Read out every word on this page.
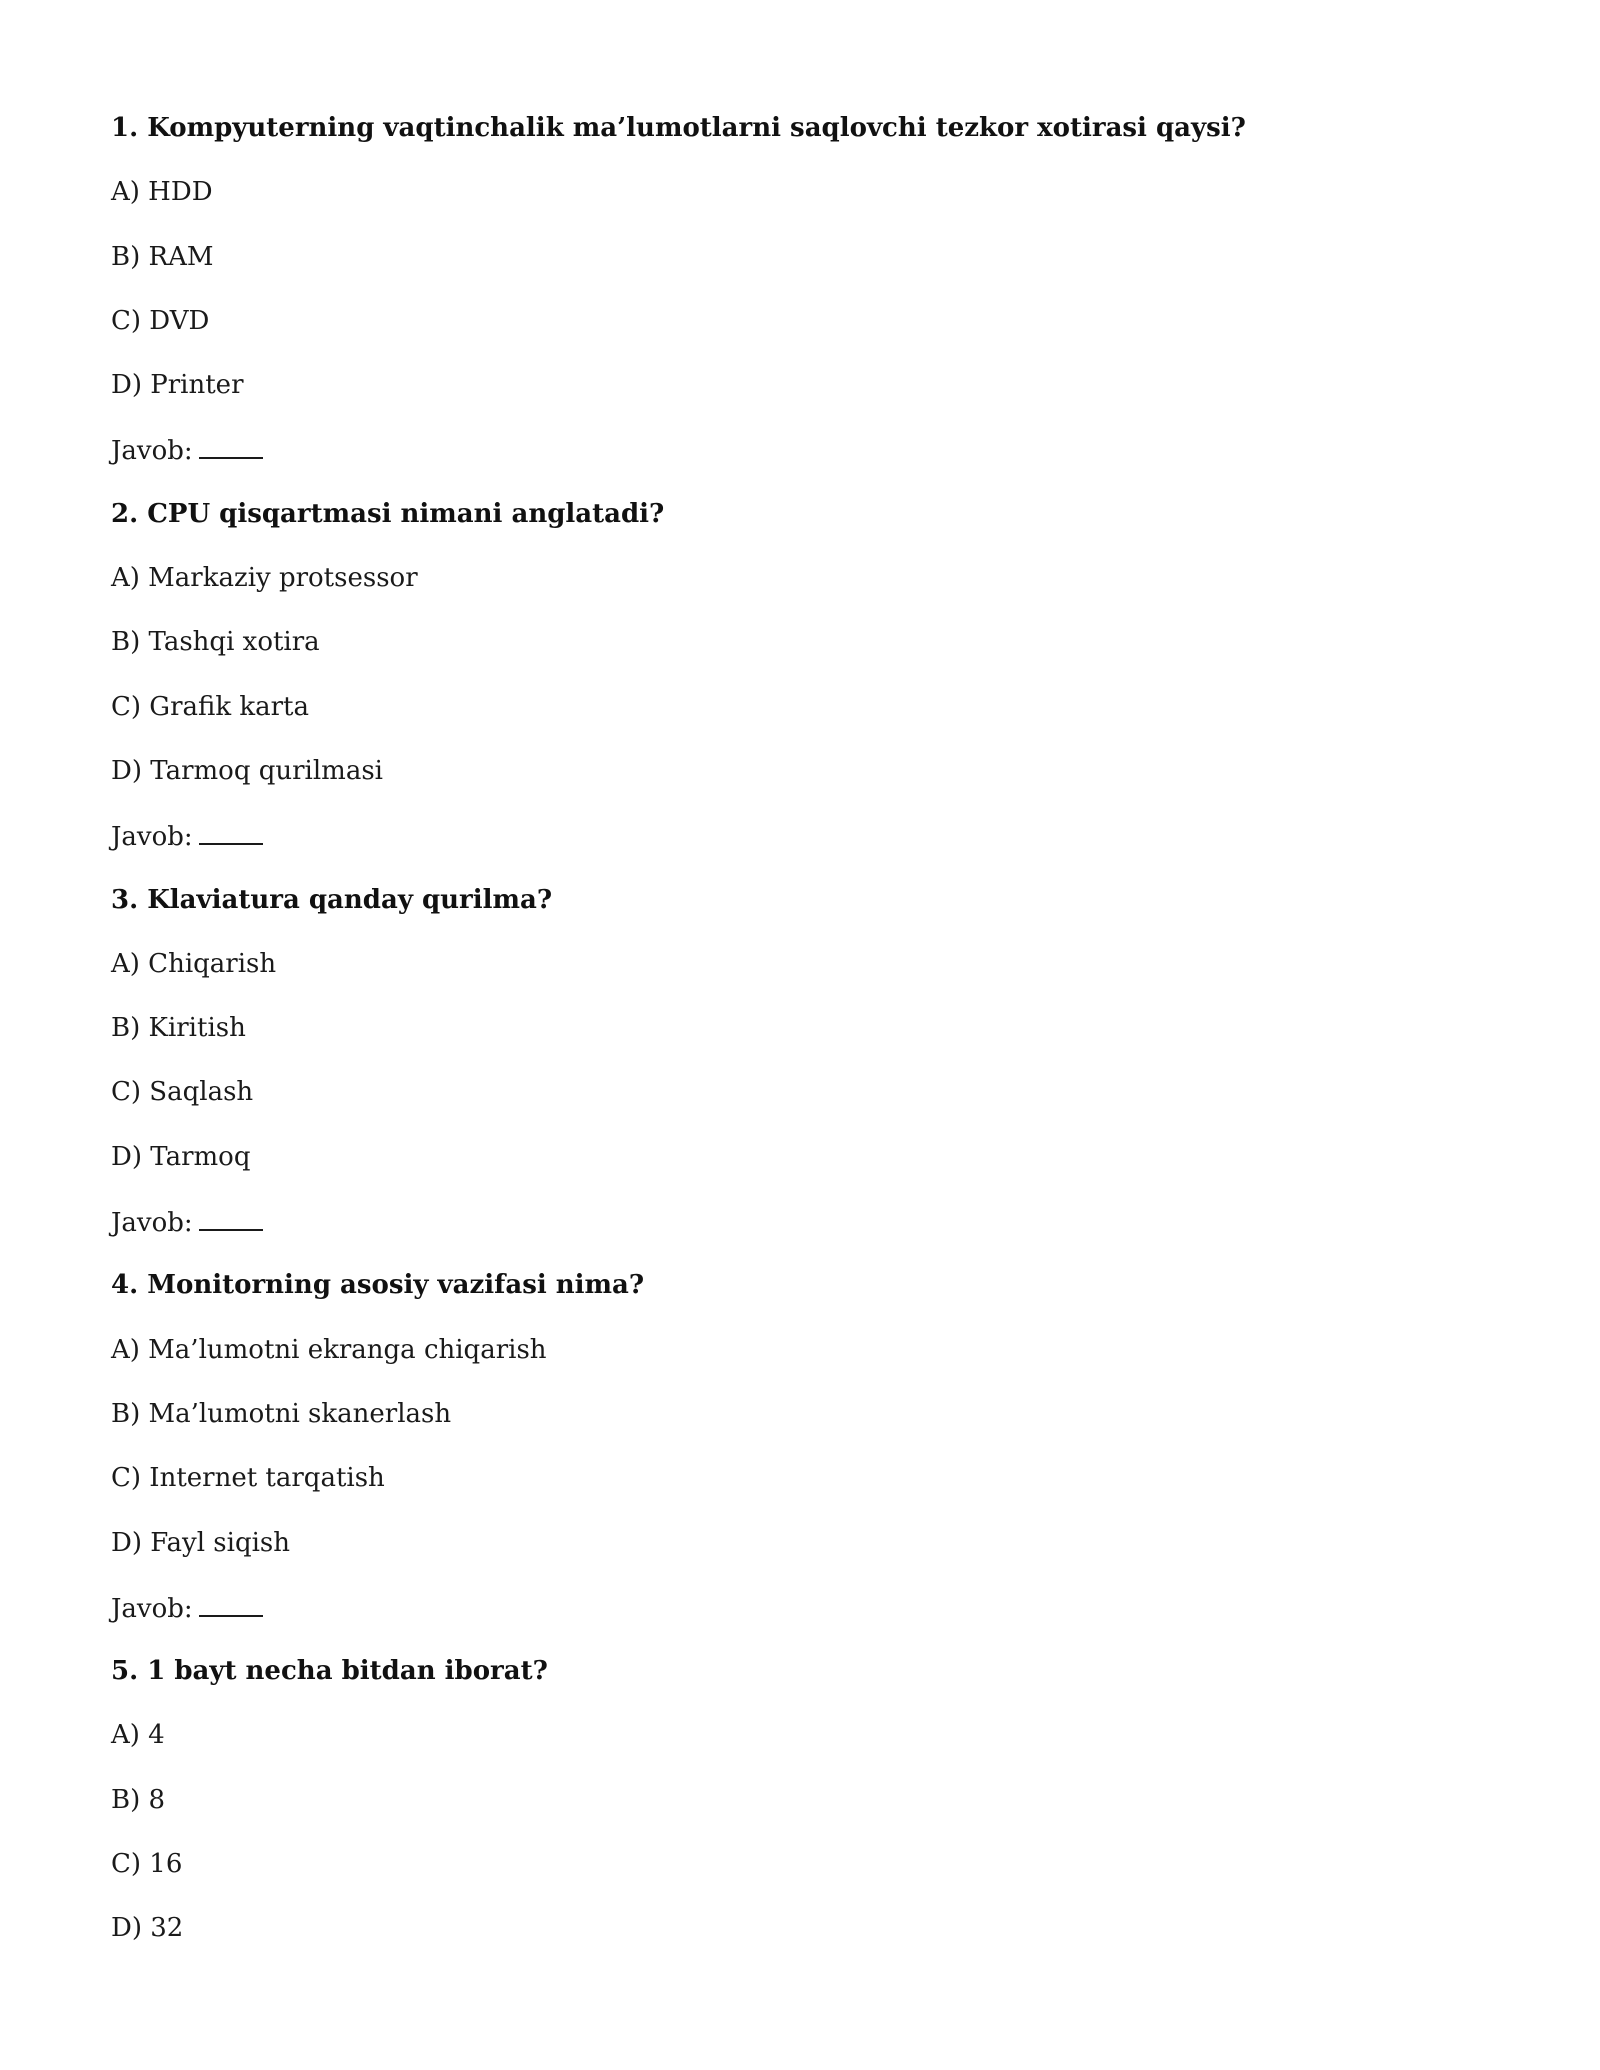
1. Kompyuterning vaqtinchalik ma’lumotlarni saqlovchi tezkor xotirasi qaysi?
A) HDD
B) RAM
C) DVD
D) Printer
Javob:
2. CPU qisqartmasi nimani anglatadi?
A) Markaziy protsessor
B) Tashqi xotira
C) Grafik karta
D) Tarmoq qurilmasi
Javob:
3. Klaviatura qanday qurilma?
A) Chiqarish
B) Kiritish
C) Saqlash
D) Tarmoq
Javob:
4. Monitorning asosiy vazifasi nima?
A) Ma’lumotni ekranga chiqarish
B) Ma’lumotni skanerlash
C) Internet tarqatish
D) Fayl siqish
Javob:
5. 1 bayt necha bitdan iborat?
A) 4
B) 8
C) 16
D) 32
